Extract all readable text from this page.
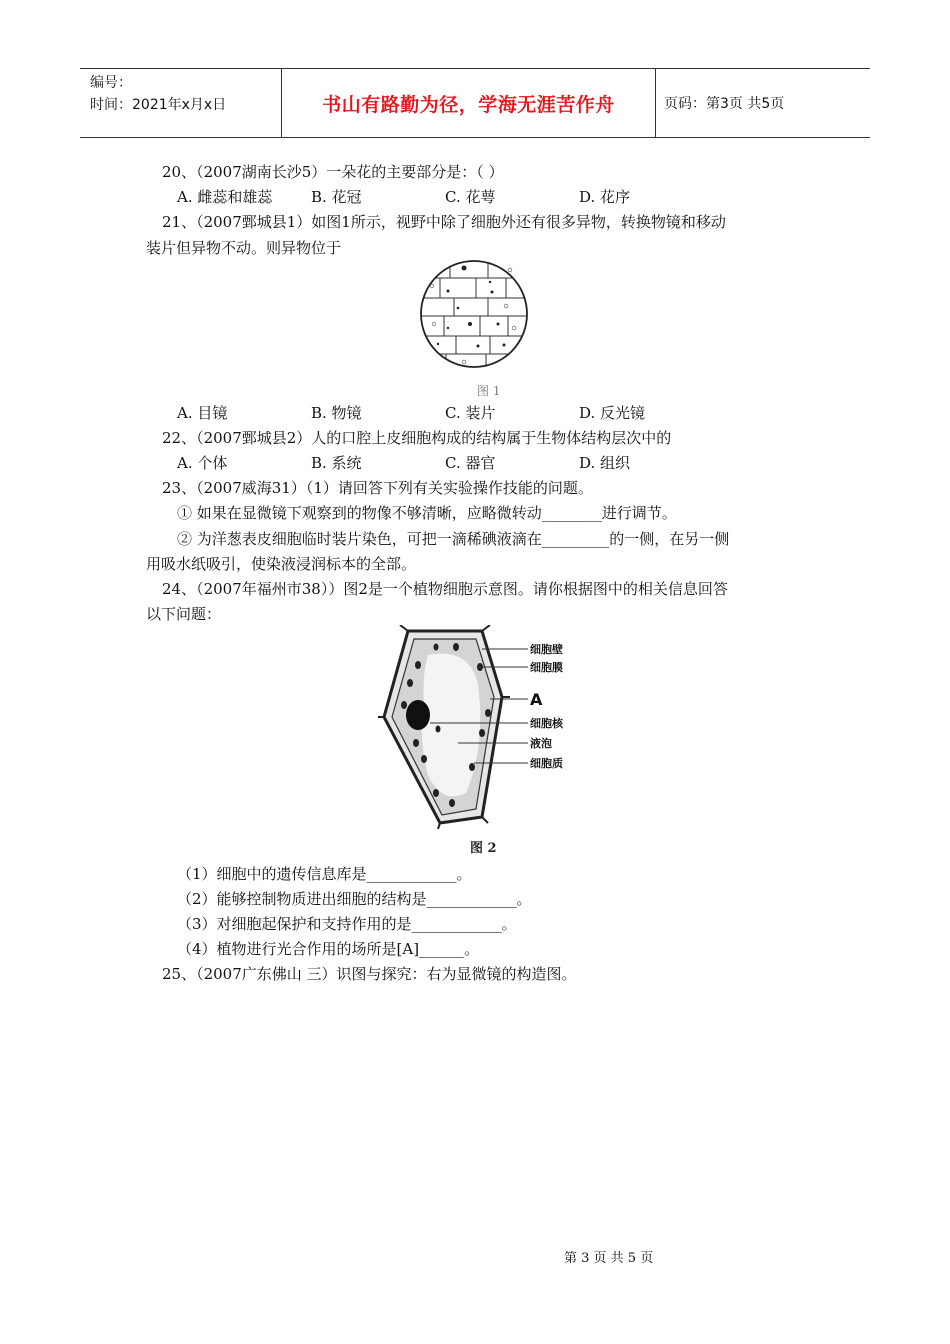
编号：
时间：2021年x月x日	书山有路勤为径，学海无涯苦作舟	页码：第3页 共5页
20、（2007湖南长沙5）一朵花的主要部分是：（ ）
A. 雌蕊和雄蕊	B. 花冠	C. 花萼	D. 花序
21、（2007鄄城县1）如图1所示，视野中除了细胞外还有很多异物，转换物镜和移动
装片但异物不动。则异物位于
图 1
A. 目镜	B. 物镜	C. 装片	D. 反光镜
22、（2007鄄城县2）人的口腔上皮细胞构成的结构属于生物体结构层次中的
A. 个体	B. 系统	C. 器官	D. 组织
23、（2007威海31）（1）请回答下列有关实验操作技能的问题。
① 如果在显微镜下观察到的物像不够清晰，应略微转动________进行调节。
② 为洋葱表皮细胞临时装片染色，可把一滴稀碘液滴在_________的一侧，在另一侧
用吸水纸吸引，使染液浸润标本的全部。
24、（2007年福州市38））图2是一个植物细胞示意图。请你根据图中的相关信息回答
以下问题：
细胞壁
细胞膜
A
细胞核
液泡
细胞质
图 2
（1）细胞中的遗传信息库是____________。
（2）能够控制物质进出细胞的结构是____________。
（3）对细胞起保护和支持作用的是____________。
（4）植物进行光合作用的场所是[A]______。
25、（2007广东佛山 三）识图与探究：右为显微镜的构造图。
第 3 页 共 5 页
